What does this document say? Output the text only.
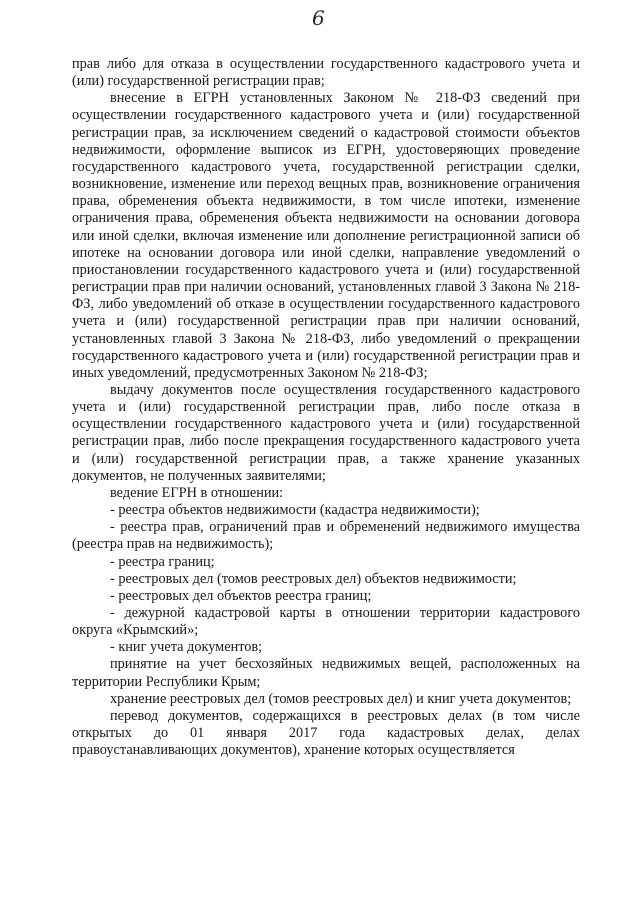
6

прав либо для отказа в осуществлении государственного кадастрового учета и (или) государственной регистрации прав;

внесение в ЕГРН установленных Законом № 218-ФЗ сведений при осуществлении государственного кадастрового учета и (или) государственной регистрации прав, за исключением сведений о кадастровой стоимости объектов недвижимости, оформление выписок из ЕГРН, удостоверяющих проведение государственного кадастрового учета, государственной регистрации сделки, возникновение, изменение или переход вещных прав, возникновение ограничения права, обременения объекта недвижимости, в том числе ипотеки, изменение ограничения права, обременения объекта недвижимости на основании договора или иной сделки, включая изменение или дополнение регистрационной записи об ипотеке на основании договора или иной сделки, направление уведомлений о приостановлении государственного кадастрового учета и (или) государственной регистрации прав при наличии оснований, установленных главой 3 Закона № 218-ФЗ, либо уведомлений об отказе в осуществлении государственного кадастрового учета и (или) государственной регистрации прав при наличии оснований, установленных главой 3 Закона № 218-ФЗ, либо уведомлений о прекращении государственного кадастрового учета и (или) государственной регистрации прав и иных уведомлений, предусмотренных Законом № 218-ФЗ;

выдачу документов после осуществления государственного кадастрового учета и (или) государственной регистрации прав, либо после отказа в осуществлении государственного кадастрового учета и (или) государственной регистрации прав, либо после прекращения государственного кадастрового учета и (или) государственной регистрации прав, а также хранение указанных документов, не полученных заявителями;

ведение ЕГРН в отношении:

- реестра объектов недвижимости (кадастра недвижимости);

- реестра прав, ограничений прав и обременений недвижимого имущества (реестра прав на недвижимость);

- реестра границ;

- реестровых дел (томов реестровых дел) объектов недвижимости;

- реестровых дел объектов реестра границ;

- дежурной кадастровой карты в отношении территории кадастрового округа «Крымский»;

- книг учета документов;

принятие на учет бесхозяйных недвижимых вещей, расположенных на территории Республики Крым;

хранение реестровых дел (томов реестровых дел) и книг учета документов;

перевод документов, содержащихся в реестровых делах (в том числе открытых до 01 января 2017 года кадастровых делах, делах правоустанавливающих документов), хранение которых осуществляется
